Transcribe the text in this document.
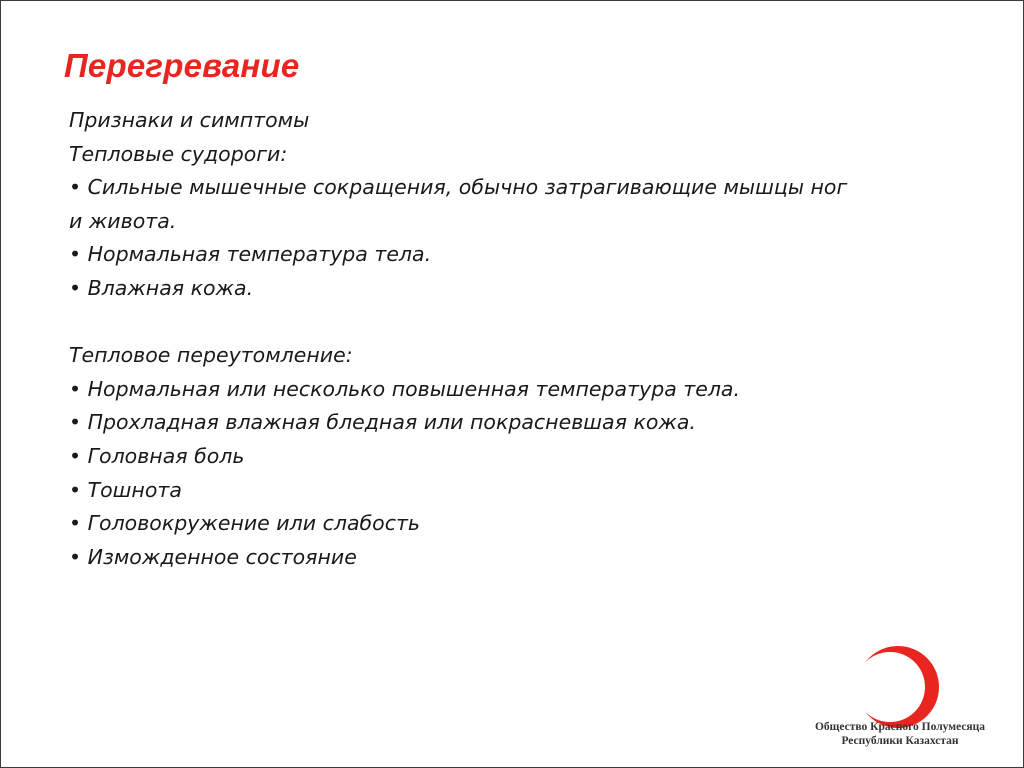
Перегревание
Признаки и симптомы
Тепловые судороги:
• Сильные мышечные сокращения, обычно затрагивающие мышцы ног
и живота.
• Нормальная температура тела.
• Влажная кожа.
Тепловое переутомление:
• Нормальная или несколько повышенная температура тела.
• Прохладная влажная бледная или покрасневшая кожа.
• Головная боль
• Тошнота
• Головокружение или слабость
• Изможденное состояние
Общество Красного Полумесяца
Республики Казахстан
